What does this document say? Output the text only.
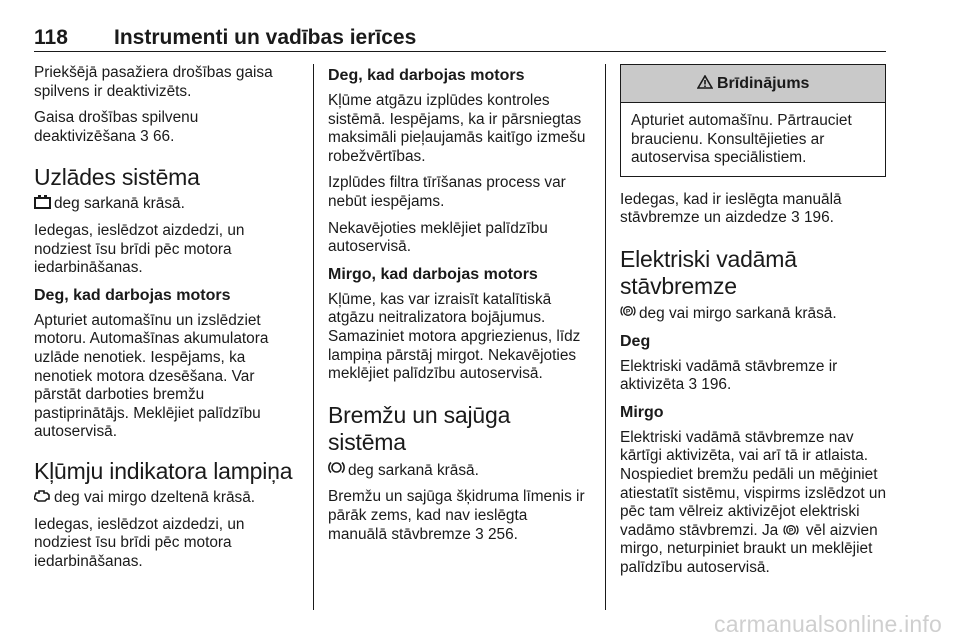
118 Instrumenti un vadības ierīces

Priekšējā pasažiera drošības gaisa spilvens ir deaktivizēts.

Gaisa drošības spilvenu deaktivizēšana 3 66.

Uzlādes sistēma

deg sarkanā krāsā.

Iedegas, ieslēdzot aizdedzi, un nodziest īsu brīdi pēc motora iedarbināšanas.

Deg, kad darbojas motors

Apturiet automašīnu un izslēdziet motoru. Automašīnas akumulatora uzlāde nenotiek. Iespējams, ka nenotiek motora dzesēšana. Var pārstāt darboties bremžu pastiprinātājs. Meklējiet palīdzību autoservisā.

Kļūmju indikatora lampiņa

deg vai mirgo dzeltenā krāsā.

Iedegas, ieslēdzot aizdedzi, un nodziest īsu brīdi pēc motora iedarbināšanas.

Deg, kad darbojas motors

Kļūme atgāzu izplūdes kontroles sistēmā. Iespējams, ka ir pārsniegtas maksimāli pieļaujamās kaitīgo izmešu robežvērtības.

Izplūdes filtra tīrīšanas process var nebūt iespējams.

Nekavējoties meklējiet palīdzību autoservisā.

Mirgo, kad darbojas motors

Kļūme, kas var izraisīt katalītiskā atgāzu neitralizatora bojājumus. Samaziniet motora apgriezienus, līdz lampiņa pārstāj mirgot. Nekavējoties meklējiet palīdzību autoservisā.

Bremžu un sajūga sistēma

deg sarkanā krāsā.

Bremžu un sajūga šķidruma līmenis ir pārāk zems, kad nav ieslēgta manuālā stāvbremze 3 256.

Brīdinājums

Apturiet automašīnu. Pārtrauciet braucienu. Konsultējieties ar autoservisa speciālistiem.

Iedegas, kad ir ieslēgta manuālā stāvbremze un aizdedze 3 196.

Elektriski vadāmā
stāvbremze

P deg vai mirgo sarkanā krāsā.

Deg

Elektriski vadāmā stāvbremze ir aktivizēta 3 196.

Mirgo

Elektriski vadāmā stāvbremze nav kārtīgi aktivizēta, vai arī tā ir atlaista. Nospiediet bremžu pedāli un mēģiniet atiestatīt sistēmu, vispirms izslēdzot un pēc tam vēlreiz aktivizējot elektriski vadāmo stāvbremzi. Ja P vēl aizvien mirgo, neturpiniet braukt un meklējiet palīdzību autoservisā.

carmanualsonline.info
